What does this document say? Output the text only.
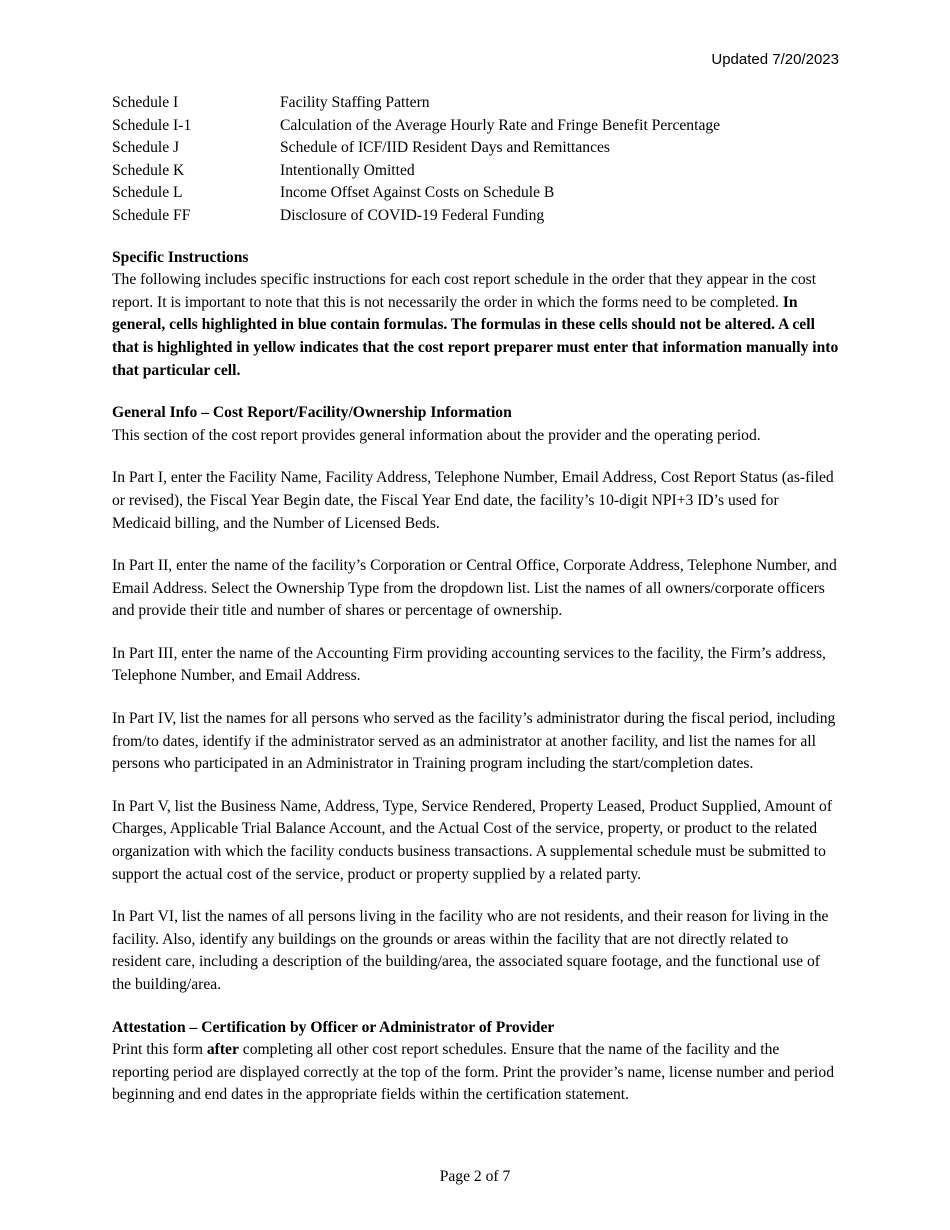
Updated 7/20/2023
Schedule I	Facility Staffing Pattern
Schedule I-1	Calculation of the Average Hourly Rate and Fringe Benefit Percentage
Schedule J	Schedule of ICF/IID Resident Days and Remittances
Schedule K	Intentionally Omitted
Schedule L	Income Offset Against Costs on Schedule B
Schedule FF	Disclosure of COVID-19 Federal Funding
Specific Instructions

The following includes specific instructions for each cost report schedule in the order that they appear in the cost report. It is important to note that this is not necessarily the order in which the forms need to be completed. In general, cells highlighted in blue contain formulas. The formulas in these cells should not be altered. A cell that is highlighted in yellow indicates that the cost report preparer must enter that information manually into that particular cell.

General Info – Cost Report/Facility/Ownership Information

This section of the cost report provides general information about the provider and the operating period.

In Part I, enter the Facility Name, Facility Address, Telephone Number, Email Address, Cost Report Status (as-filed or revised), the Fiscal Year Begin date, the Fiscal Year End date, the facility’s 10-digit NPI+3 ID’s used for Medicaid billing, and the Number of Licensed Beds.

In Part II, enter the name of the facility’s Corporation or Central Office, Corporate Address, Telephone Number, and Email Address. Select the Ownership Type from the dropdown list. List the names of all owners/corporate officers and provide their title and number of shares or percentage of ownership.

In Part III, enter the name of the Accounting Firm providing accounting services to the facility, the Firm’s address, Telephone Number, and Email Address.

In Part IV, list the names for all persons who served as the facility’s administrator during the fiscal period, including from/to dates, identify if the administrator served as an administrator at another facility, and list the names for all persons who participated in an Administrator in Training program including the start/completion dates.

In Part V, list the Business Name, Address, Type, Service Rendered, Property Leased, Product Supplied, Amount of Charges, Applicable Trial Balance Account, and the Actual Cost of the service, property, or product to the related organization with which the facility conducts business transactions. A supplemental schedule must be submitted to support the actual cost of the service, product or property supplied by a related party.

In Part VI, list the names of all persons living in the facility who are not residents, and their reason for living in the facility. Also, identify any buildings on the grounds or areas within the facility that are not directly related to resident care, including a description of the building/area, the associated square footage, and the functional use of the building/area.

Attestation – Certification by Officer or Administrator of Provider

Print this form after completing all other cost report schedules. Ensure that the name of the facility and the reporting period are displayed correctly at the top of the form. Print the provider’s name, license number and period beginning and end dates in the appropriate fields within the certification statement.

Page 2 of 7
